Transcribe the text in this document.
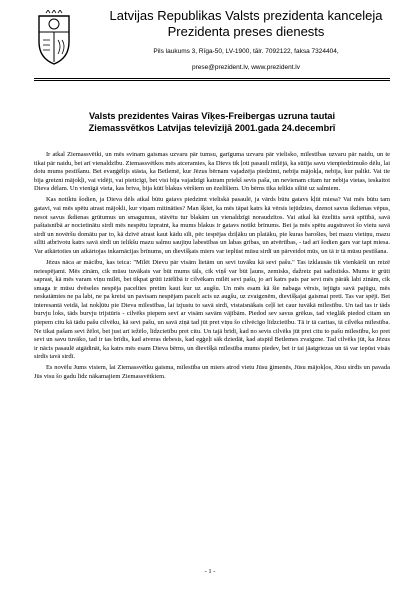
Latvijas Republikas Valsts prezidenta kanceleja
Prezidenta preses dienests
Pils laukums 3, Rīga-50, LV-1900, tālr. 7092122, faksa 7324404,
prese@prezident.lv, www.prezident.lv
Valsts prezidentes Vairas Vīķes-Freibergas uzruna tautai
Ziemassvētkos Latvijas televīzijā 2001.gada 24.decembrī

Ir atkal Ziemassvētki, un mēs svinam gaismas uzvaru pār tumsu, garīguma uzvaru pār vielisko, mīlestības uzvaru pār naidu, un te tikai pār naidu, bet arī vienaldzību. Ziemassvētkos mēs atceramies, ka Dievs tik ļoti pasauli mīlējā, ka sūtīja savu vienpiedzimušo dēlu, lai dotu mums pestīšanu. Bet evaņģēlijs stāsta, ka Betlemē, kur Jēzus bērnam vajadzēja piedzimt, nebija mājokļa, nebija, kur palikt. Vai tie bija greizni mājokļi, vai vidēji, vai pieticīgi, bet visi bija vajadzīgi katram priekš sevis paša, un nevienam citam tur nebija vietas, ieskaitot Dieva dēlam. Un vienīgā vieta, kas briva, bija kūtī blakus vēršiem un ēzelīšiem. Un bērns tika ielikts silītē uz salmiem.

Kas notiktu šodien, ja Dieva dēls atkal būtu gatavs piedzimt vieliskā pasaulē, ja vārds būtu gatavs kļūt miesa? Vai mēs būtu tam gatavi, vai mēs spētu atrast mājokli, kur viņam mitināties? Man šķiet, ka mēs tāpat katrs kā vērsis iejūdzies, dzenot savus ikdienas vēpus, nesot savus ikdienas grūtumus un smagumus, stāvētu tur blakām un vienaldzīgi noraudzītos. Vai atkal kā ēzelītis savā spītībā, savā paštaisnībā ar nocietinātu sirdi mēs nespētu izpratnt, ka mums blakus ir gatavs notikt brīnums. Bet ja mēs spētu augstravot šo vietu savā sirdī un novēršu domātu par to, kā dzīvē atrast kaut kādu sīli, pēc iespējas dziļāku un platāku, pie kuras barošies, bet mazu vietiņu, mazu silīti atbrīvotu katrs savā sirdī un ielikšu mazu salmu saujiņu labestības un labas gribas, un atvērtības, - tad arī šodien gars var tapt miesa. Var atkārtoties un atkārtojas inkarnācijas brīnums, un dievišķais miers var ieplūst mūsu sirdī un pārveidot mūs, un tā ir tā mūsu pestīšana.

Jēzus nāca ar mācību, kas teica: "Mīlēt Dievu pār visām lietām un sevi tuvāku kā sevi pašu." Tas izklausās tik vienkārši un reizē neiespējami. Mēs zinām, cik mūsu tuvākais var būt mums tāls, cik viņš var būt ļauns, zemisks, dažreiz pat sadistisks. Mums ir grūti saprast, kā mēs varam viņu mīlēt, bet tikpat grūti iztēlībā ir cilvēkam mīlēt sevi pašu, jo arī katrs pats par sevi mēs pārāk labi zinām, cik smaga ir mūsu dvēseles nespēja pacelties pretim kaut kur uz augšu. Un mēs esam kā šie nabaga vērsis, iejūgts savā pajūgu, mēs neskatāmies ne pa labi, ne pa kreisi un pavisam nespējam pacelt acis uz augšu, uz zvaigznēm, dievišķajai gaismai pretī. Tas var spēji. Bet interesantā veidā, lai nokļūtu pie Dieva mīlestības, lai izjustu to savā sirdī, vistaisnākais ceļš iet caur tuvākā mīlestību. Un tad tas ir tāds burvju loks, tāds burvju trijstūris - cilvēks piepem sevī ar visām savām vājībām. Piedod sev savus grēkus, tad vieglāk piedod citam un piepem citu kā tādu pašu cilvēku, kā sevi pašu, un savā ziņā tad jūt pret viņu šo cilvēcīgo līdzcietību. Tā ir tā caritas, tā cilvēka mīlestība. Ne tikai pašam sevi žēlot, bet just arī iežēlo, līdzcietību pret citu. Un tajā brīdī, kad no sevis cilvēks jūt pret citu to pašu mīlestību, ko pret sevi un savu tuvāko, tad ir tas brīdis, kad atveras debesis, kad egģeļi sāk dziedāt, kad atspīd Betlemes zvaigzne. Tad cilvēks jūt, ka Jēzus ir nācis pasaulē atgādināt, ka katrs mēs esam Dieva bērns, un dievišķā mīlestība mums piedev, bet ir tai jāatgriezas un tā var iepūst visās sirdīs tavā sirdī.

Es novēlu Jums visiem, lai Ziemassvētku gaisma, mīlestība un miers atrod vietu Jūsu ģimenēs, Jūsu mājokļos, Jūsu sirdīs un pavada Jūs visu šo gadu līdz nākamajiem Ziemassvētkiem.

- 1 -
